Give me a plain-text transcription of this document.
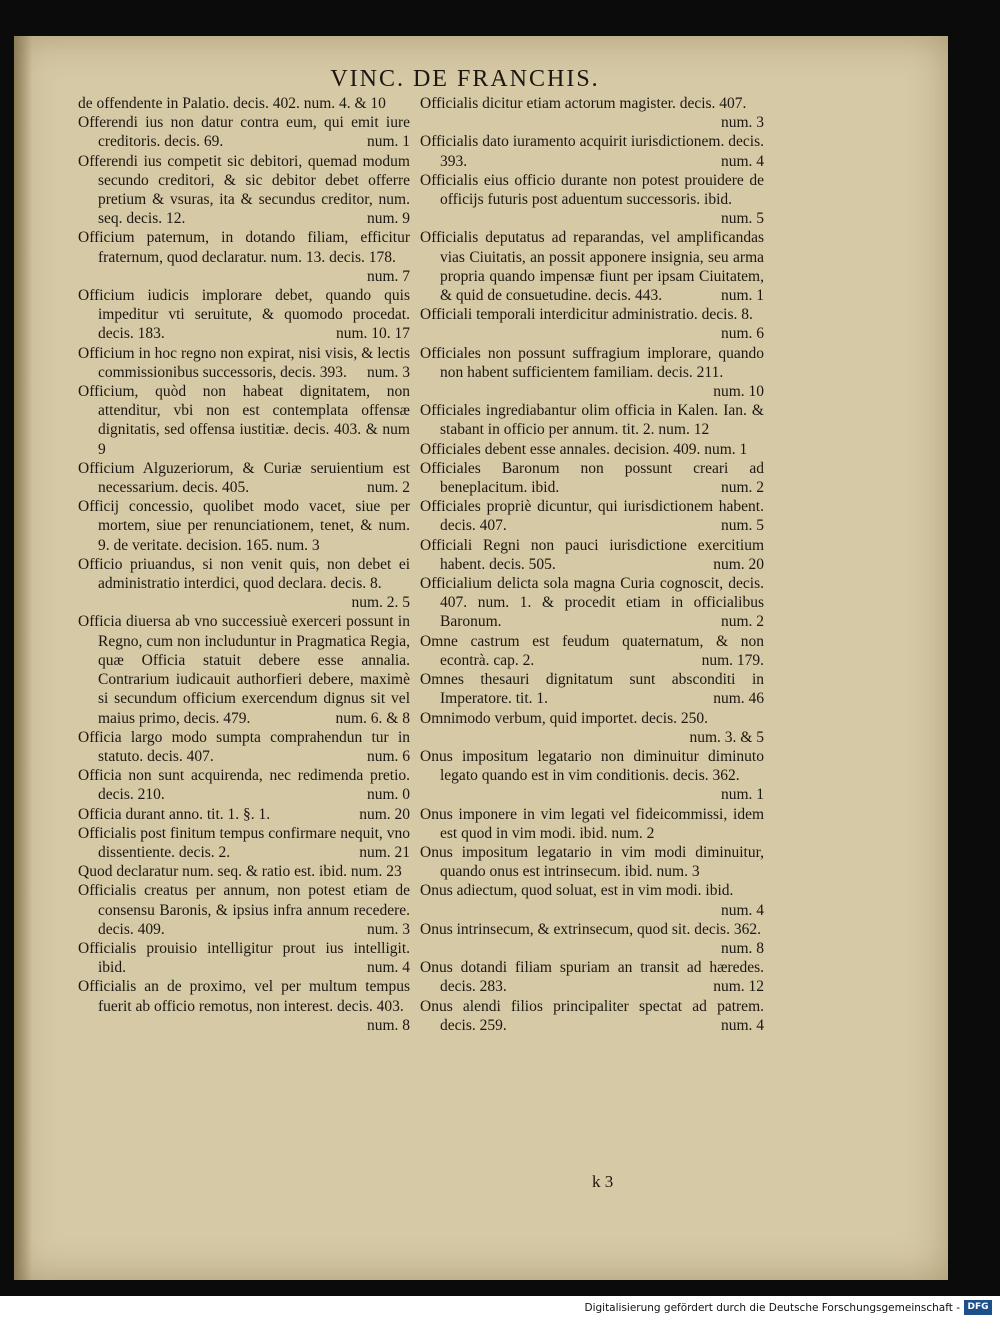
VINC. DE FRANCHIS.
de offendente in Palatio. decis. 402. num. 4. & 10
Offerendi ius non datur contra eum, qui emit iure creditoris. decis. 69.	num. 1
Offerendi ius competit sic debitori, quemad modum secundo creditori, & sic debitor debet offerre pretium & vsuras, ita & secundus creditor, num. seq. decis. 12.	num. 9
Officium paternum, in dotando filiam, efficitur fraternum, quod declaratur. num. 13. decis. 178.
num. 7
Officium iudicis implorare debet, quando quis impeditur vti seruitute, & quomodo procedat. decis. 183.	num. 10. 17
Officium in hoc regno non expirat, nisi visis, & lectis commissionibus successoris, decis. 393. num. 3
Officium, quòd non habeat dignitatem, non attenditur, vbi non est contemplata offensæ dignitatis, sed offensa iustitiæ. decis. 403. & num 9
Officium Alguzeriorum, & Curiæ seruientium est necessarium. decis. 405.	num. 2
Officij concessio, quolibet modo vacet, siue per mortem, siue per renunciationem, tenet, & num. 9. de veritate. decision. 165. num. 3
Officio priuandus, si non venit quis, non debet ei administratio interdici, quod declara. decis. 8.
num. 2. 5
Officia diuersa ab vno successiuè exerceri possunt in Regno, cum non includuntur in Pragmatica Regia, quæ Officia statuit debere esse annalia. Contrarium iudicauit authorfieri debere, maximè si secundum officium exercendum dignus sit vel maius primo, decis. 479.	num. 6. & 8
Officia largo modo sumpta comprahendun tur in statuto. decis. 407.	num. 6
Officia non sunt acquirenda, nec redimenda pretio. decis. 210.	num. 0
Officia durant anno. tit. 1. §. 1.	num. 20
Officialis post finitum tempus confirmare nequit, vno dissentiente. decis. 2.	num. 21
Quod declaratur num. seq. & ratio est. ibid. num. 23
Officialis creatus per annum, non potest etiam de consensu Baronis, & ipsius infra annum recedere. decis. 409.	num. 3
Officialis prouisio intelligitur prout ius intelligit. ibid.	num. 4
Officialis an de proximo, vel per multum tempus fuerit ab officio remotus, non interest. decis. 403.
num. 8
Officialis dicitur etiam actorum magister. decis. 407.
num. 3
Officialis dato iuramento acquirit iurisdictionem. decis. 393.	num. 4
Officialis eius officio durante non potest prouidere de officijs futuris post aduentum successoris. ibid.
num. 5
Officialis deputatus ad reparandas, vel amplificandas vias Ciuitatis, an possit apponere insignia, seu arma propria quando impensæ fiunt per ipsam Ciuitatem, & quid de consuetudine. decis. 443.	num. 1
Officiali temporali interdicitur administratio. decis. 8.
num. 6
Officiales non possunt suffragium implorare, quando non habent sufficientem familiam. decis. 211.
num. 10
Officiales ingrediabantur olim officia in Kalen. Ian. & stabant in officio per annum. tit. 2. num. 12
Officiales debent esse annales. decision. 409. num. 1
Officiales Baronum non possunt creari ad beneplacitum. ibid.	num. 2
Officiales propriè dicuntur, qui iurisdictionem habent. decis. 407.	num. 5
Officiali Regni non pauci iurisdictione exercitium habent. decis. 505.	num. 20
Officialium delicta sola magna Curia cognoscit, decis. 407. num. 1. & procedit etiam in officialibus Baronum.	num. 2
Omne castrum est feudum quaternatum, & non econtrà. cap. 2.	num. 179.
Omnes thesauri dignitatum sunt absconditi in Imperatore. tit. 1.	num. 46
Omnimodo verbum, quid importet. decis. 250.
num. 3. & 5
Onus impositum legatario non diminuitur diminuto legato quando est in vim conditionis. decis. 362.
num. 1
Onus imponere in vim legati vel fideicommissi, idem est quod in vim modi. ibid. num. 2
Onus impositum legatario in vim modi diminuitur, quando onus est intrinsecum. ibid. num. 3
Onus adiectum, quod soluat, est in vim modi. ibid.
num. 4
Onus intrinsecum, & extrinsecum, quod sit. decis. 362.
num. 8
Onus dotandi filiam spuriam an transit ad hæredes. decis. 283.	num. 12
Onus alendi filios principaliter spectat ad patrem. decis. 259.	num. 4
k 3
Digitalisierung gefördert durch die Deutsche Forschungsgemeinschaft - DFG
